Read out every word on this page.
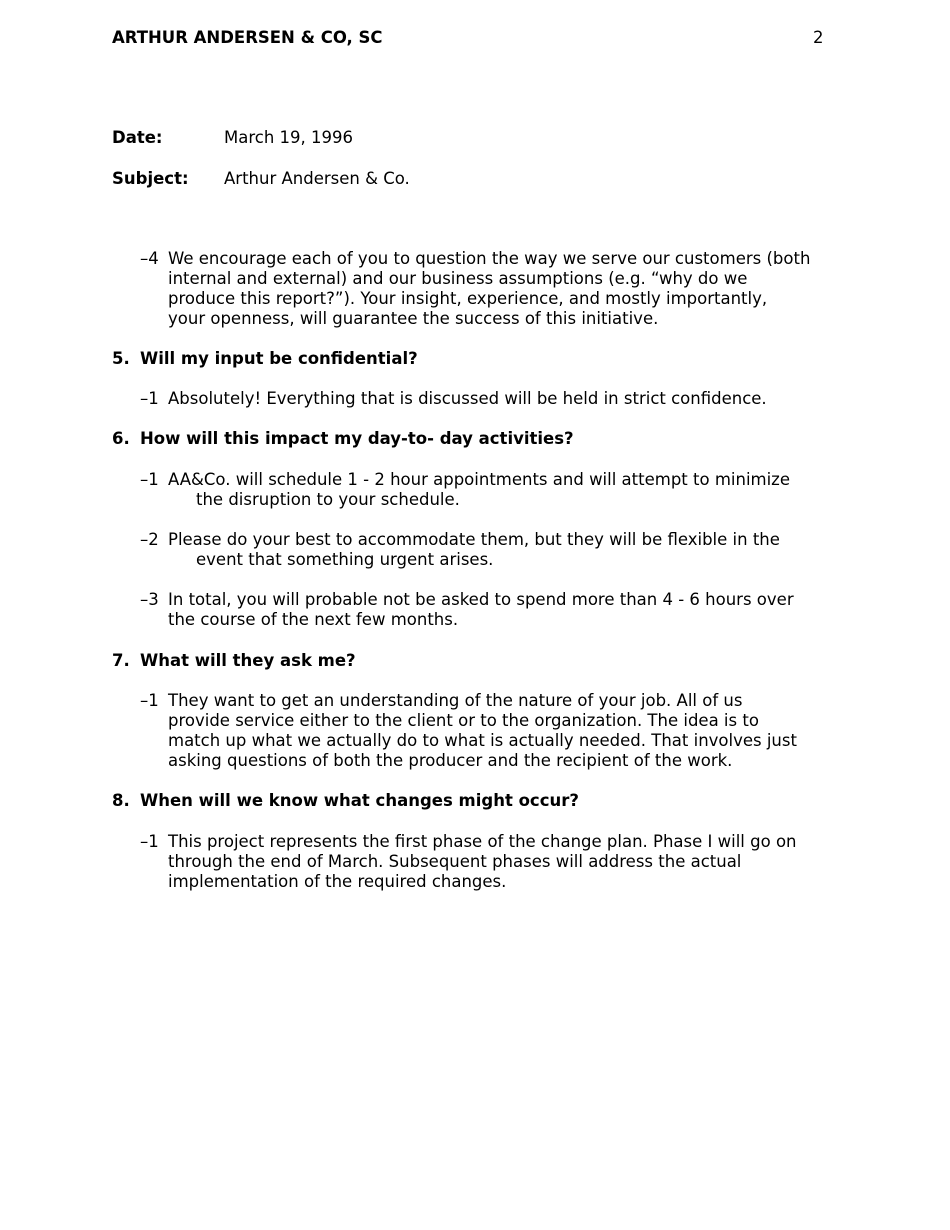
ARTHUR ANDERSEN & CO, SC	2
Date:	March 19, 1996
Subject: Arthur Andersen & Co.
–4 We encourage each of you to question the way we serve our customers (both
internal and external) and our business assumptions (e.g. “why do we
produce this report?”). Your insight, experience, and mostly importantly,
your openness, will guarantee the success of this initiative.
5. Will my input be confidential?
–1 Absolutely! Everything that is discussed will be held in strict confidence.
6. How will this impact my day-to- day activities?
–1 AA&Co. will schedule 1 - 2 hour appointments and will attempt to minimize
the disruption to your schedule.
–2 Please do your best to accommodate them, but they will be flexible in the
event that something urgent arises.
–3 In total, you will probable not be asked to spend more than 4 - 6 hours over
the course of the next few months.
7. What will they ask me?
–1 They want to get an understanding of the nature of your job. All of us
provide service either to the client or to the organization. The idea is to
match up what we actually do to what is actually needed. That involves just
asking questions of both the producer and the recipient of the work.
8. When will we know what changes might occur?
–1 This project represents the first phase of the change plan. Phase I will go on
through the end of March. Subsequent phases will address the actual
implementation of the required changes.
